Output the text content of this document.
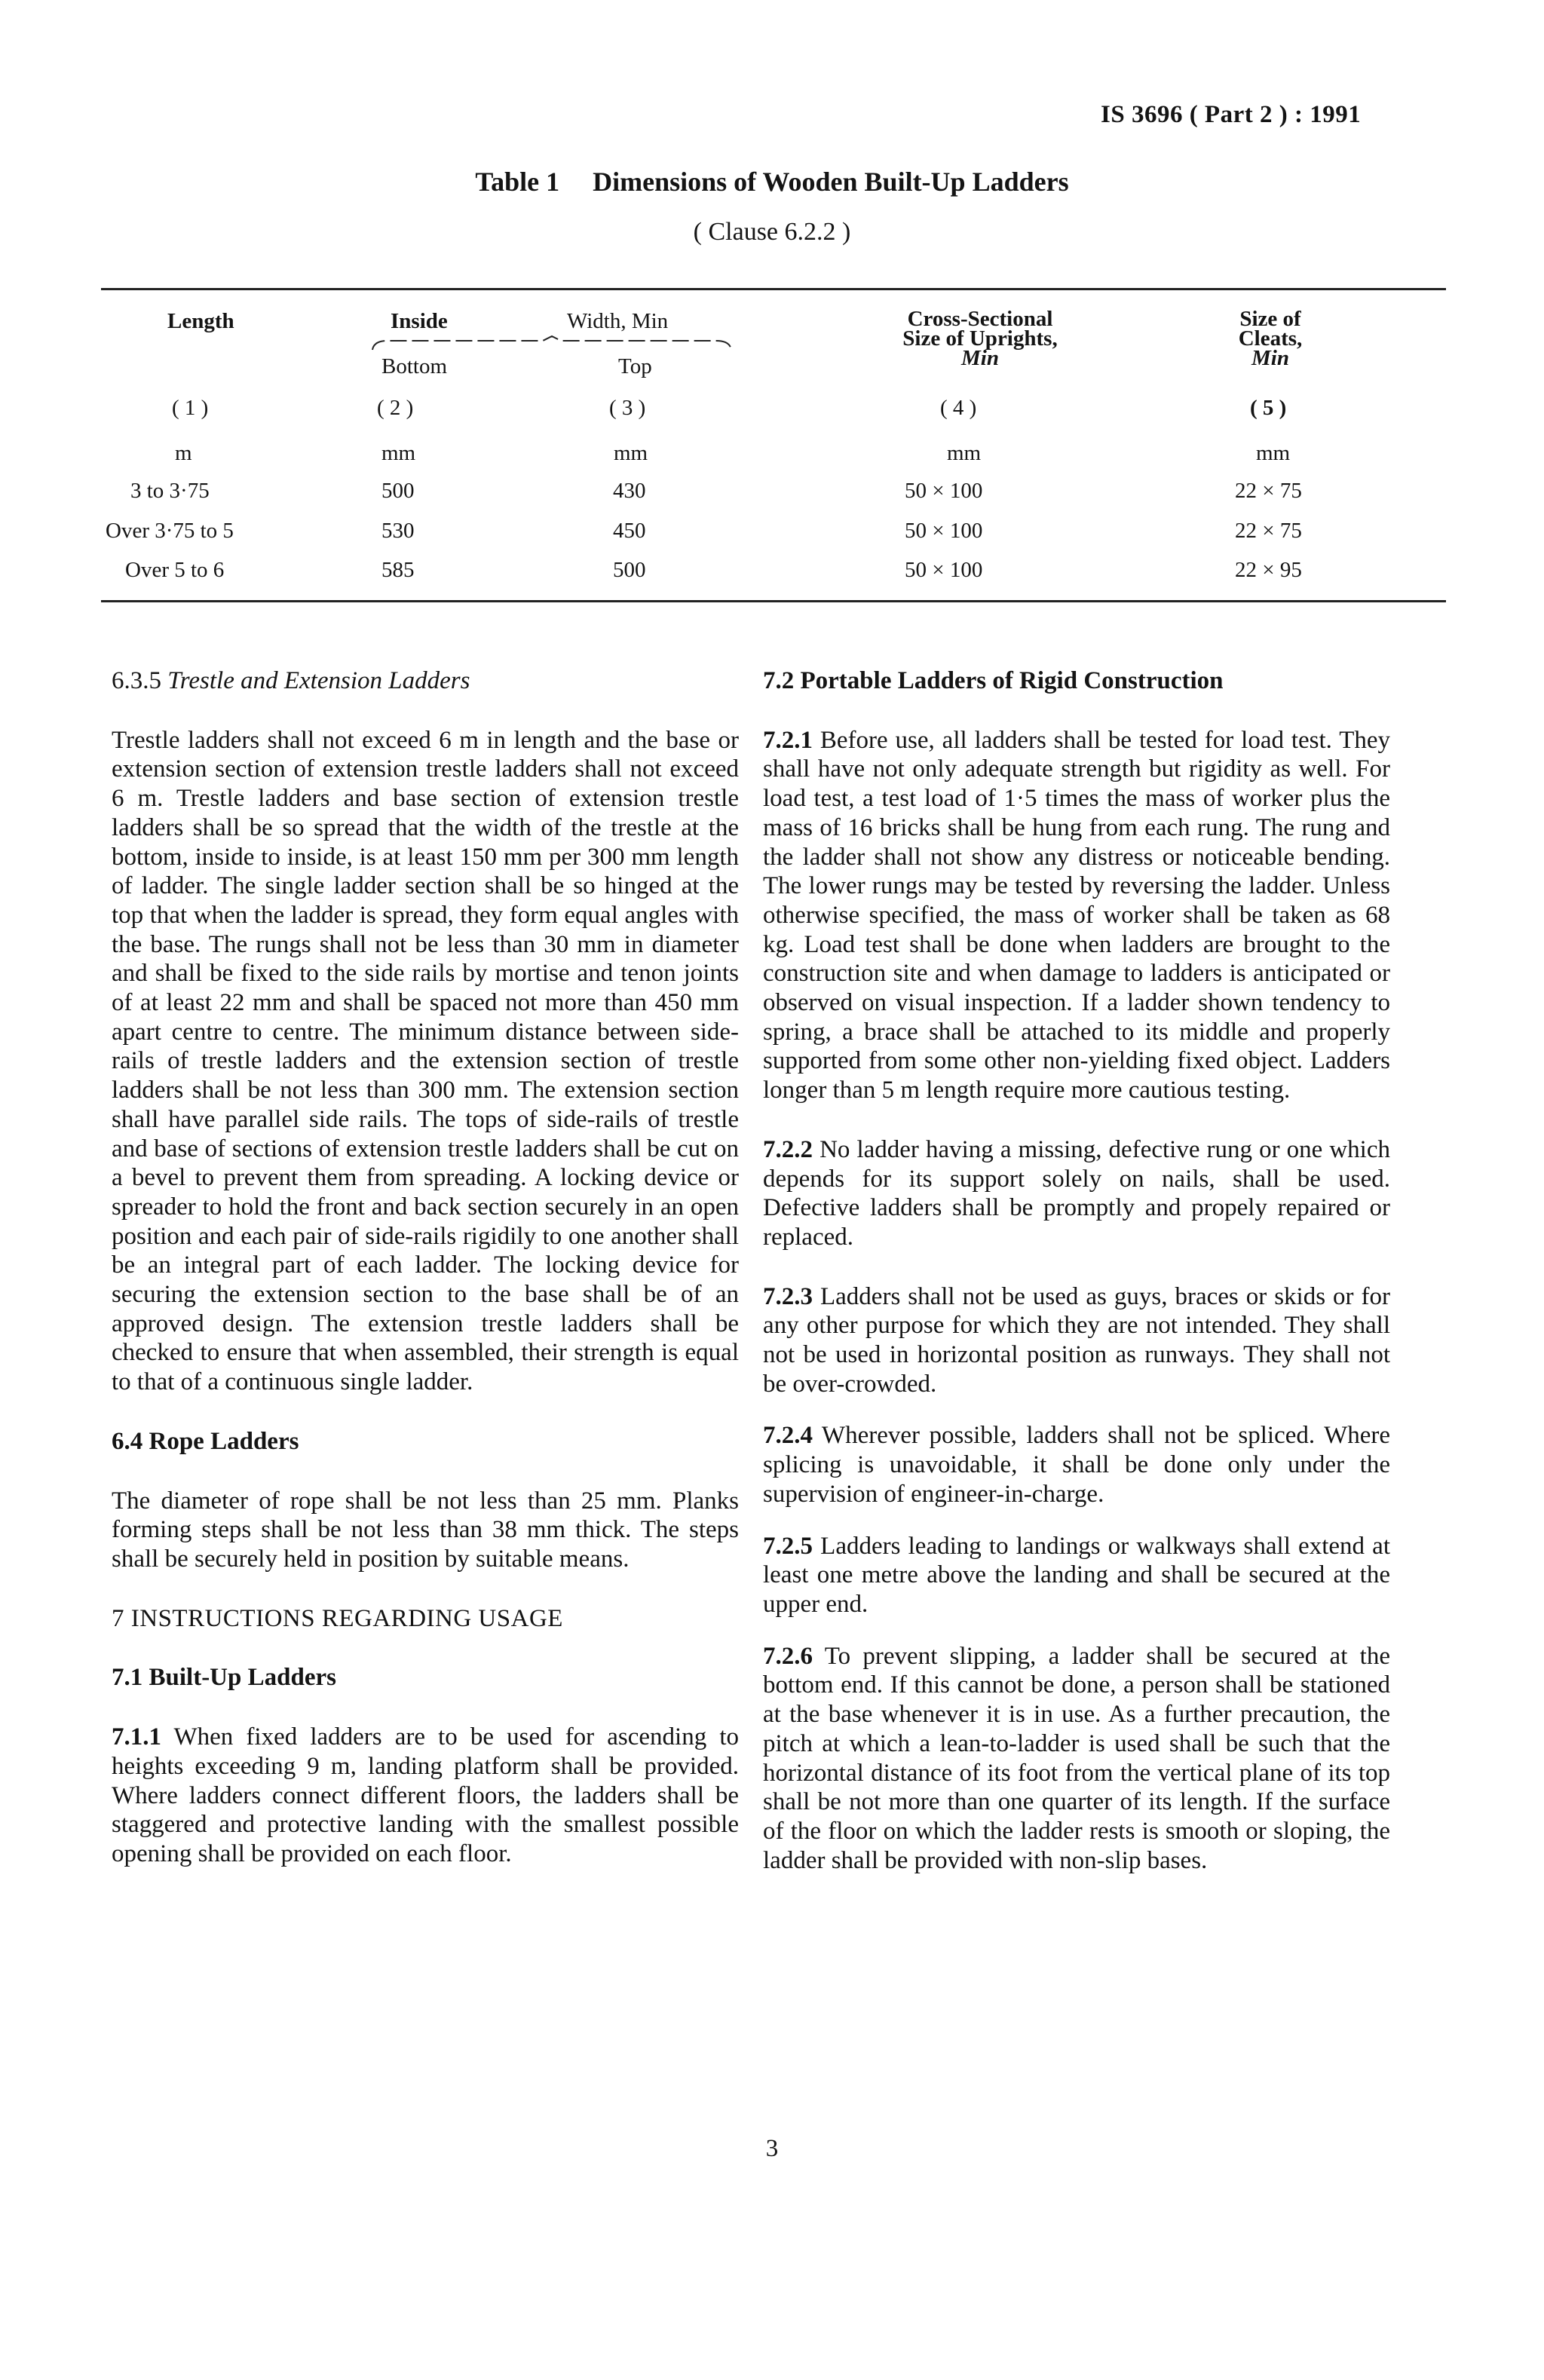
IS 3696 ( Part 2 ) : 1991
Table 1 Dimensions of Wooden Built-Up Ladders
( Clause 6.2.2 )
Length	Inside	Width, Min
Bottom	Top
Cross-Sectional
Size of Uprights,
Min
Size of
Cleats,
Min
( 1 )	( 2 )	( 3 )	( 4 )	( 5 )
m	mm	mm	mm	mm
3 to 3·75	500	430	50 × 100	22 × 75
Over 3·75 to 5	530	450	50 × 100	22 × 75
Over 5 to 6	585	500	50 × 100	22 × 95

6.3.5 Trestle and Extension Ladders

Trestle ladders shall not exceed 6 m in length and the base or extension section of extension trestle ladders shall not exceed 6 m. Trestle ladders and base section of extension trestle ladders shall be so spread that the width of the trestle at the bottom, inside to inside, is at least 150 mm per 300 mm length of ladder. The single ladder section shall be so hinged at the top that when the ladder is spread, they form equal angles with the base. The rungs shall not be less than 30 mm in diameter and shall be fixed to the side rails by mortise and tenon joints of at least 22 mm and shall be spaced not more than 450 mm apart centre to centre. The minimum distance between side-rails of trestle ladders and the extension section of trestle ladders shall be not less than 300 mm. The extension section shall have parallel side rails. The tops of side-rails of trestle and base of sections of extension trestle ladders shall be cut on a bevel to prevent them from spreading. A locking device or spreader to hold the front and back section securely in an open position and each pair of side-rails rigidily to one another shall be an integral part of each ladder. The locking device for securing the extension section to the base shall be of an approved design. The extension trestle ladders shall be checked to ensure that when assembled, their strength is equal to that of a continuous single ladder.

6.4 Rope Ladders

The diameter of rope shall be not less than 25 mm. Planks forming steps shall be not less than 38 mm thick. The steps shall be securely held in position by suitable means.

7 INSTRUCTIONS REGARDING USAGE

7.1 Built-Up Ladders

7.1.1 When fixed ladders are to be used for ascending to heights exceeding 9 m, landing platform shall be provided. Where ladders connect different floors, the ladders shall be staggered and protective landing with the smallest possible opening shall be provided on each floor.

7.2 Portable Ladders of Rigid Construction

7.2.1 Before use, all ladders shall be tested for load test. They shall have not only adequate strength but rigidity as well. For load test, a test load of 1·5 times the mass of worker plus the mass of 16 bricks shall be hung from each rung. The rung and the ladder shall not show any distress or noticeable bending. The lower rungs may be tested by reversing the ladder. Unless otherwise specified, the mass of worker shall be taken as 68 kg. Load test shall be done when ladders are brought to the construction site and when damage to ladders is anticipated or observed on visual inspection. If a ladder shown tendency to spring, a brace shall be attached to its middle and properly supported from some other non-yielding fixed object. Ladders longer than 5 m length require more cautious testing.

7.2.2 No ladder having a missing, defective rung or one which depends for its support solely on nails, shall be used. Defective ladders shall be promptly and propely repaired or replaced.

7.2.3 Ladders shall not be used as guys, braces or skids or for any other purpose for which they are not intended. They shall not be used in horizontal position as runways. They shall not be over-crowded.

7.2.4 Wherever possible, ladders shall not be spliced. Where splicing is unavoidable, it shall be done only under the supervision of engineer-in-charge.

7.2.5 Ladders leading to landings or walkways shall extend at least one metre above the landing and shall be secured at the upper end.

7.2.6 To prevent slipping, a ladder shall be secured at the bottom end. If this cannot be done, a person shall be stationed at the base whenever it is in use. As a further precaution, the pitch at which a lean-to-ladder is used shall be such that the horizontal distance of its foot from the vertical plane of its top shall be not more than one quarter of its length. If the surface of the floor on which the ladder rests is smooth or sloping, the ladder shall be provided with non-slip bases.

3
